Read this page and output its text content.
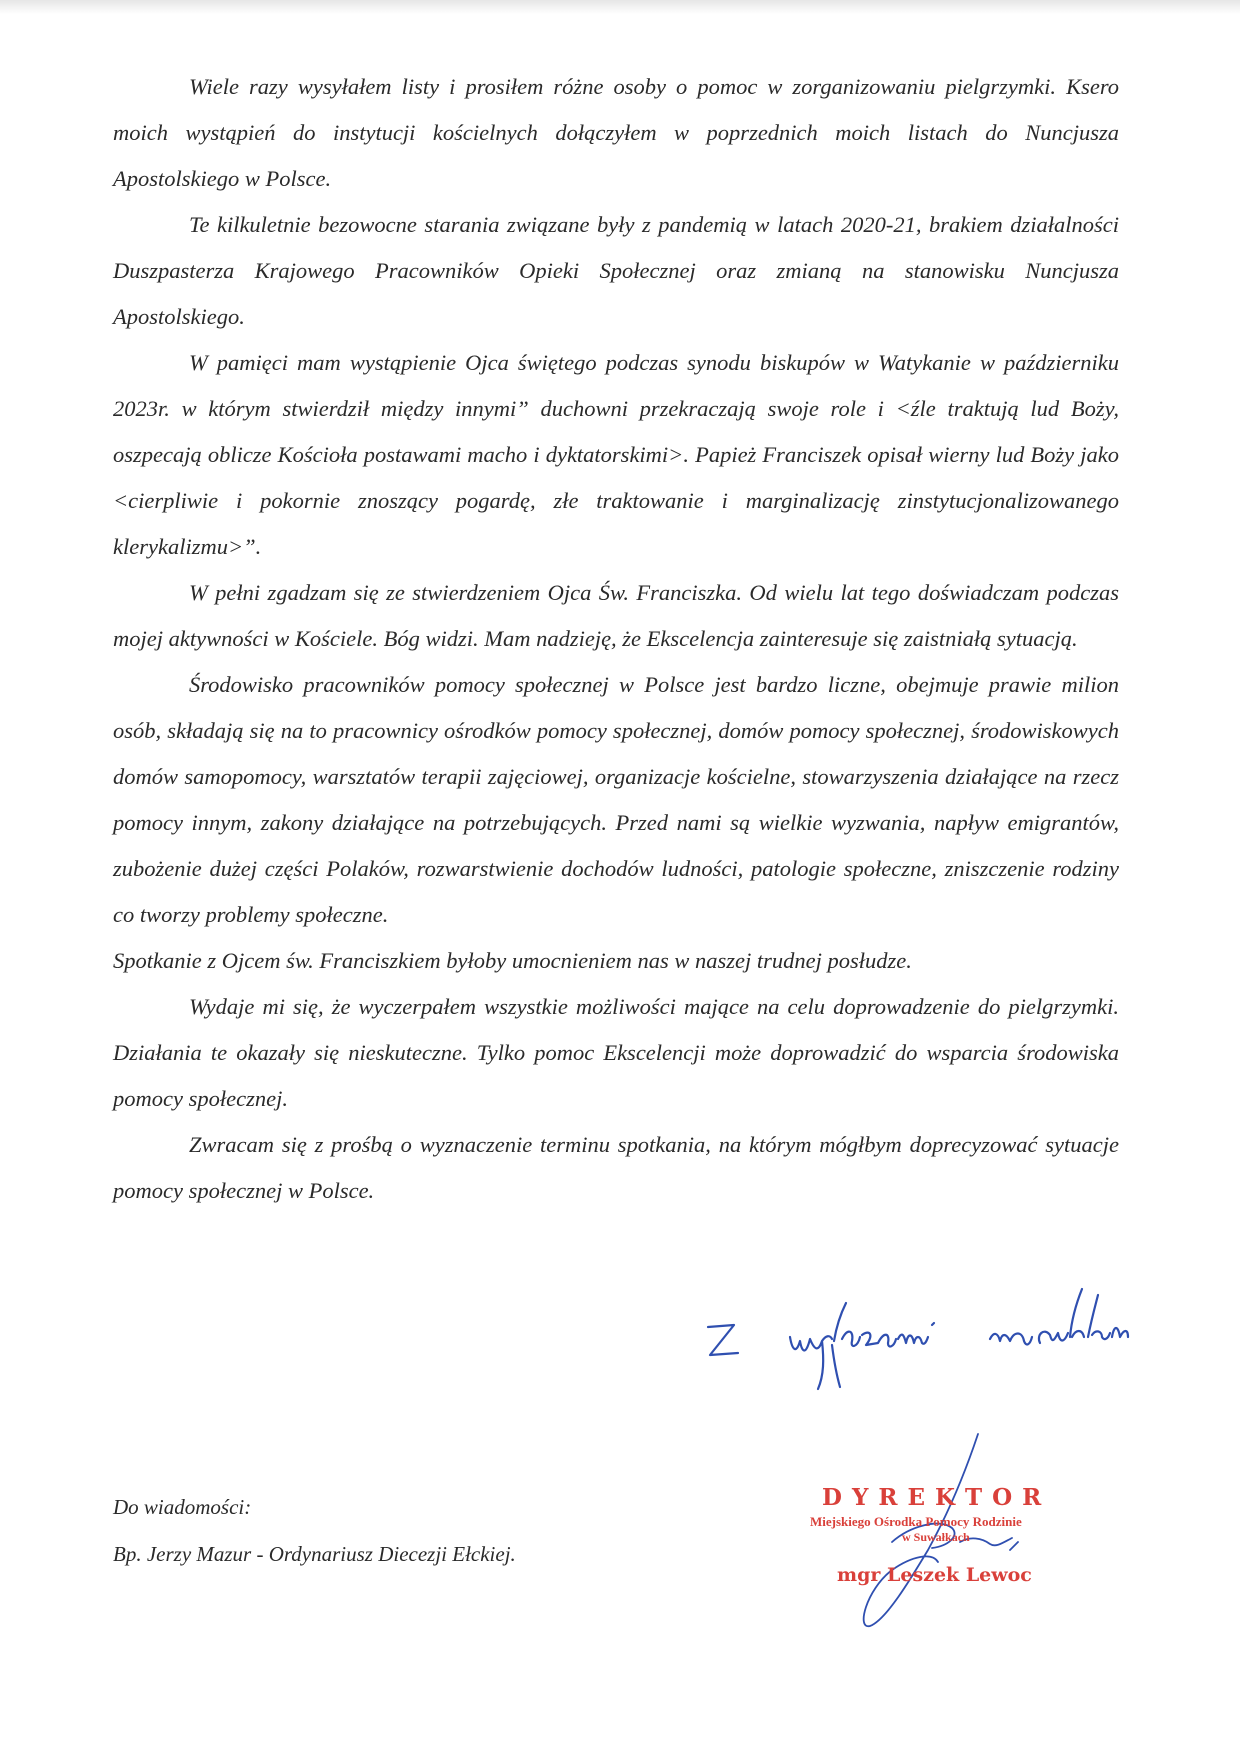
Wiele razy wysyłałem listy i prosiłem różne osoby o pomoc w zorganizowaniu pielgrzymki. Ksero moich wystąpień do instytucji kościelnych dołączyłem w poprzednich moich listach do Nuncjusza Apostolskiego w Polsce.

Te kilkuletnie bezowocne starania związane były z pandemią w latach 2020-21, brakiem działalności Duszpasterza Krajowego Pracowników Opieki Społecznej oraz zmianą na stanowisku Nuncjusza Apostolskiego.

W pamięci mam wystąpienie Ojca świętego podczas synodu biskupów w Watykanie w październiku 2023r. w którym stwierdził między innymi” duchowni przekraczają swoje role i <źle traktują lud Boży, oszpecają oblicze Kościoła postawami macho i dyktatorskimi>. Papież Franciszek opisał wierny lud Boży jako <cierpliwie i pokornie znoszący pogardę, złe traktowanie i marginalizację zinstytucjonalizowanego klerykalizmu>”.

W pełni zgadzam się ze stwierdzeniem Ojca Św. Franciszka. Od wielu lat tego doświadczam podczas mojej aktywności w Kościele. Bóg widzi. Mam nadzieję, że Ekscelencja zainteresuje się zaistniałą sytuacją.

Środowisko pracowników pomocy społecznej w Polsce jest bardzo liczne, obejmuje prawie milion osób, składają się na to pracownicy ośrodków pomocy społecznej, domów pomocy społecznej, środowiskowych domów samopomocy, warsztatów terapii zajęciowej, organizacje kościelne, stowarzyszenia działające na rzecz pomocy innym, zakony działające na potrzebujących. Przed nami są wielkie wyzwania, napływ emigrantów, zubożenie dużej części Polaków, rozwarstwienie dochodów ludności, patologie społeczne, zniszczenie rodziny co tworzy problemy społeczne.

Spotkanie z Ojcem św. Franciszkiem byłoby umocnieniem nas w naszej trudnej posłudze.

Wydaje mi się, że wyczerpałem wszystkie możliwości mające na celu doprowadzenie do pielgrzymki. Działania te okazały się nieskuteczne. Tylko pomoc Ekscelencji może doprowadzić do wsparcia środowiska pomocy społecznej.

Zwracam się z prośbą o wyznaczenie terminu spotkania, na którym mógłbym doprecyzować sytuacje pomocy społecznej w Polsce.

DYREKTOR
Miejskiego Ośrodka Pomocy Rodzinie
w Suwałkach
mgr Leszek Lewoc
Do wiadomości:
Bp. Jerzy Mazur - Ordynariusz Diecezji Ełckiej.
